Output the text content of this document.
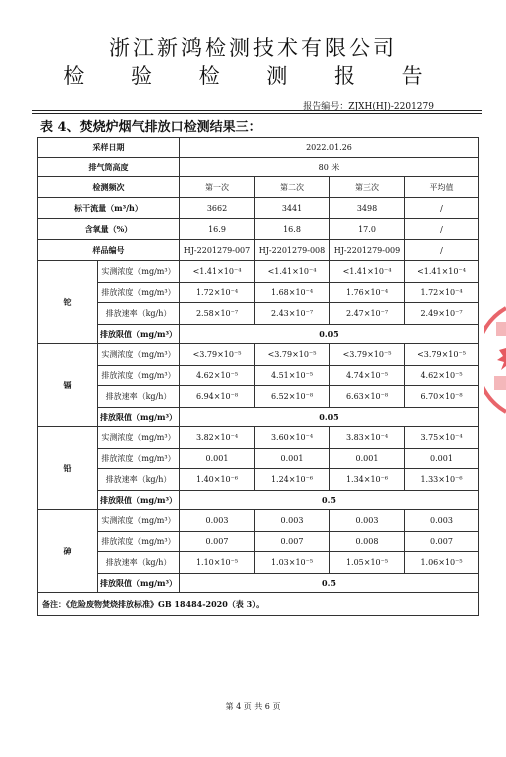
浙江新鸿检测技术有限公司
检 验 检 测 报 告
报告编号：ZJXH(HJ)-2201279
表 4、焚烧炉烟气排放口检测结果三：
采样日期		2022.01.26			
排气筒高度		80 米			
检测频次		第一次	第二次	第三次	平均值
标干流量（m³/h）		3662	3441	3498	/
含氧量（%）		16.9	16.8	17.0	/
样品编号		HJ-2201279-007	HJ-2201279-008	HJ-2201279-009	/
铊	实测浓度（mg/m³）	<1.41×10⁻⁴	<1.41×10⁻⁴	<1.41×10⁻⁴	<1.41×10⁻⁴
	排放浓度（mg/m³）	1.72×10⁻⁴	1.68×10⁻⁴	1.76×10⁻⁴	1.72×10⁻⁴
	排放速率（kg/h）	2.58×10⁻⁷	2.43×10⁻⁷	2.47×10⁻⁷	2.49×10⁻⁷
	排放限值（mg/m³）	0.05			
镉	实测浓度（mg/m³）	<3.79×10⁻⁵	<3.79×10⁻⁵	<3.79×10⁻⁵	<3.79×10⁻⁵
	排放浓度（mg/m³）	4.62×10⁻⁵	4.51×10⁻⁵	4.74×10⁻⁵	4.62×10⁻⁵
	排放速率（kg/h）	6.94×10⁻⁸	6.52×10⁻⁸	6.63×10⁻⁸	6.70×10⁻⁸
	排放限值（mg/m³）	0.05			
铅	实测浓度（mg/m³）	3.82×10⁻⁴	3.60×10⁻⁴	3.83×10⁻⁴	3.75×10⁻⁴
	排放浓度（mg/m³）	0.001	0.001	0.001	0.001
	排放速率（kg/h）	1.40×10⁻⁶	1.24×10⁻⁶	1.34×10⁻⁶	1.33×10⁻⁶
	排放限值（mg/m³）	0.5			
砷	实测浓度（mg/m³）	0.003	0.003	0.003	0.003
	排放浓度（mg/m³）	0.007	0.007	0.008	0.007
	排放速率（kg/h）	1.10×10⁻⁵	1.03×10⁻⁵	1.05×10⁻⁵	1.06×10⁻⁵
	排放限值（mg/m³）	0.5			
备注：《危险废物焚烧排放标准》GB 18484-2020（表 3）。					
第 4 页 共 6 页
